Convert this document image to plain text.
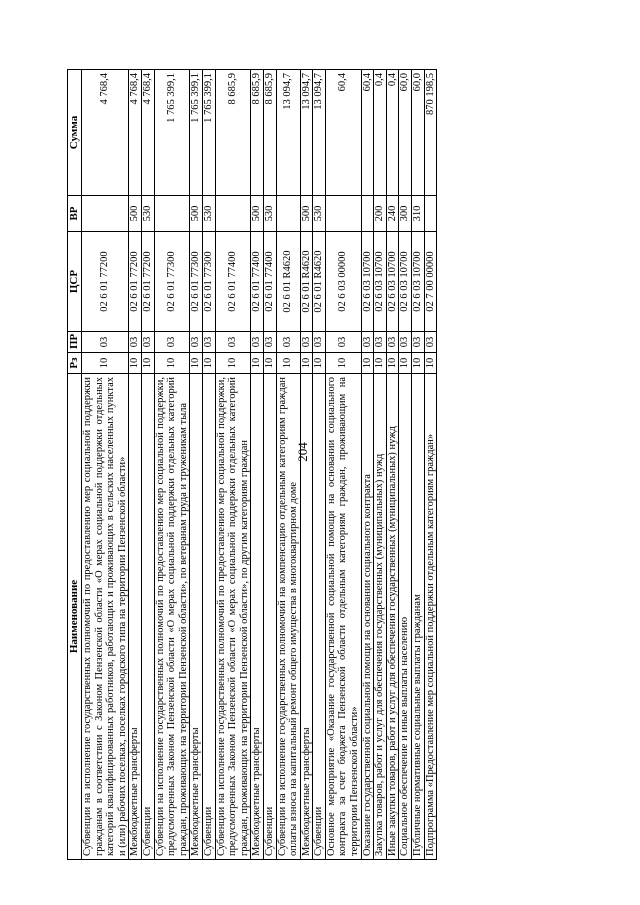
204
Наименование	Рз	ПР	ЦСР	ВР	Сумма
Субвенции на исполнение государственных полномочий по предоставлению мер социальной поддержки гражданам в соответствии с Законом Пензенской области «О мерах социальной поддержки отдельных категорий квалифицированных работников, работающих и проживающих в сельских населенных пунктах и (или) рабочих поселках, поселках городского типа на территории Пензенской области»	10	03	02 6 01 77200		4 768,4
Межбюджетные трансферты	10	03	02 6 01 77200	500	4 768,4
Субвенции	10	03	02 6 01 77200	530	4 768,4
Субвенции на исполнение государственных полномочий по предоставлению мер социальной поддержки, предусмотренных Законом Пензенской области «О мерах социальной поддержки отдельных категорий граждан, проживающих на территории Пензенской области», по ветеранам труда и труженикам тыла	10	03	02 6 01 77300		1 765 399,1
Межбюджетные трансферты	10	03	02 6 01 77300	500	1 765 399,1
Субвенции	10	03	02 6 01 77300	530	1 765 399,1
Субвенции на исполнение государственных полномочий по предоставлению мер социальной поддержки, предусмотренных Законом Пензенской области «О мерах социальной поддержки отдельных категорий граждан, проживающих на территории Пензенской области», по другим категориям граждан	10	03	02 6 01 77400		8 685,9
Межбюджетные трансферты	10	03	02 6 01 77400	500	8 685,9
Субвенции	10	03	02 6 01 77400	530	8 685,9
Субвенции на исполнение государственных полномочий на компенсацию отдельным категориям граждан оплаты взноса на капитальный ремонт общего имущества в многоквартирном доме	10	03	02 6 01 R4620		13 094,7
Межбюджетные трансферты	10	03	02 6 01 R4620	500	13 094,7
Субвенции	10	03	02 6 01 R4620	530	13 094,7
Основное мероприятие «Оказание государственной социальной помощи на основании социального контракта за счет бюджета Пензенской области отдельным категориям граждан, проживающим на территории Пензенской области»	10	03	02 6 03 00000		60,4
Оказание государственной социальной помощи на основании социального контракта	10	03	02 6 03 10700		60,4
Закупка товаров, работ и услуг для обеспечения государственных (муниципальных) нужд	10	03	02 6 03 10700	200	0,4
Иные закупки товаров, работ и услуг для обеспечения государственных (муниципальных) нужд	10	03	02 6 03 10700	240	0,4
Социальное обеспечение и иные выплаты населению	10	03	02 6 03 10700	300	60,0
Публичные нормативные социальные выплаты гражданам	10	03	02 6 03 10700	310	60,0
Подпрограмма «Предоставление мер социальной поддержки отдельным категориям граждан»	10	03	02 7 00 00000		870 198,5
